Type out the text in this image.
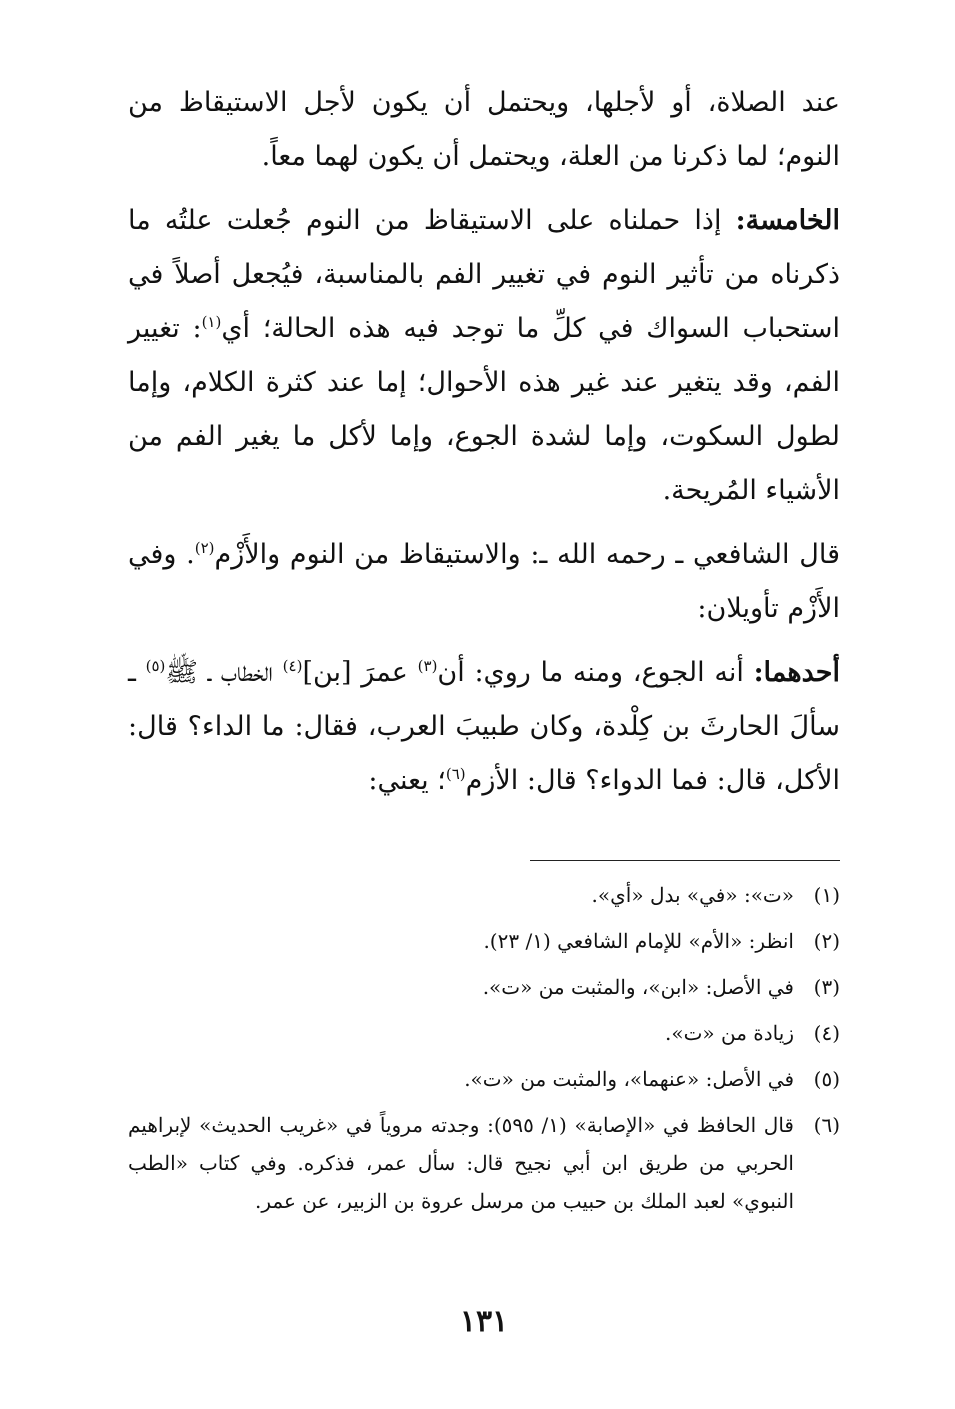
عند الصلاة، أو لأجلها، ويحتمل أن يكون لأجل الاستيقاظ من النوم؛ لما ذكرنا من العلة، ويحتمل أن يكون لهما معاً.

الخامسة: إذا حملناه على الاستيقاظ من النوم جُعلت علتُه ما ذكرناه من تأثير النوم في تغيير الفم بالمناسبة، فيُجعل أصلاً في استحباب السواك في كلِّ ما توجد فيه هذه الحالة؛ أي$^{(١)}$: تغيير الفم، وقد يتغير عند غير هذه الأحوال؛ إما عند كثرة الكلام، وإما لطول السكوت، وإما لشدة الجوع، وإما لأكل ما يغير الفم من الأشياء المُريحة.

قال الشافعي ـ رحمه الله ـ: والاستيقاظ من النوم والأَزْم$^{(٢)}$. وفي الأَزْم تأويلان:

أحدهما: أنه الجوع، ومنه ما روي: أن$^{(٣)}$ عمرَ [بن]$^{(٤)}$ الخطاب ـ ﷺ$^{(٥)}$ ـ سألَ الحارثَ بن كِلْدة، وكان طبيبَ العرب، فقال: ما الداء؟ قال: الأكل، قال: فما الدواء؟ قال: الأزم$^{(٦)}$؛ يعني:

(١)
«ت»: «في» بدل «أي».
(٢)
انظر: «الأم» للإمام الشافعي (١/ ٢٣).
(٣)
في الأصل: «ابن»، والمثبت من «ت».
(٤)
زيادة من «ت».
(٥)
في الأصل: «عنهما»، والمثبت من «ت».
(٦)
قال الحافظ في «الإصابة» (١/ ٥٩٥): وجدته مروياً في «غريب الحديث» لإبراهيم الحربي من طريق ابن أبي نجيح قال: سأل عمر، فذكره. وفي كتاب «الطب النبوي» لعبد الملك بن حبيب من مرسل عروة بن الزبير، عن عمر.
١٣١
